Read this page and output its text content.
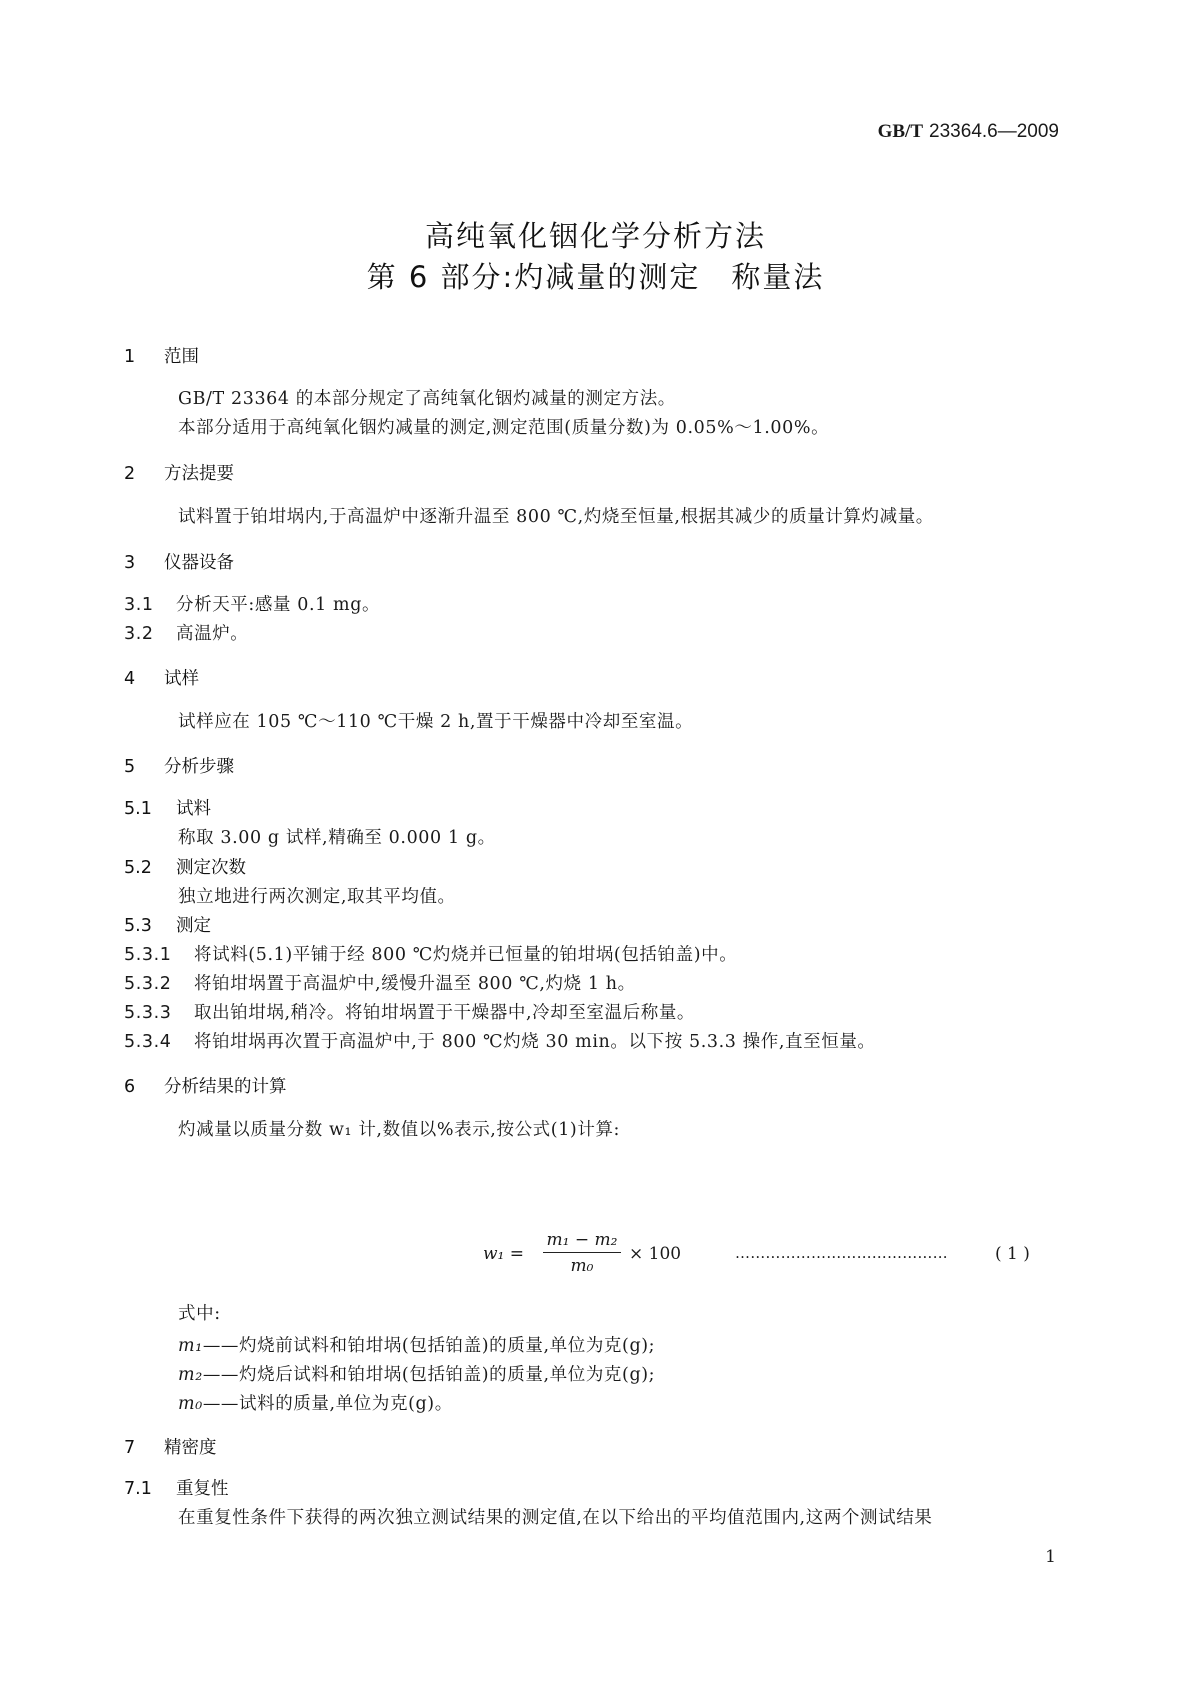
GB/T 23364.6—2009
高纯氧化铟化学分析方法
第 6 部分:灼减量的测定　称量法
1 范围
GB/T 23364 的本部分规定了高纯氧化铟灼减量的测定方法。
本部分适用于高纯氧化铟灼减量的测定,测定范围(质量分数)为 0.05%～1.00%。
2 方法提要
试料置于铂坩埚内,于高温炉中逐渐升温至 800 ℃,灼烧至恒量,根据其减少的质量计算灼减量。
3 仪器设备
3.1 分析天平:感量 0.1 mg。
3.2 高温炉。
4 试样
试样应在 105 ℃～110 ℃干燥 2 h,置于干燥器中冷却至室温。
5 分析步骤
5.1 试料
称取 3.00 g 试样,精确至 0.000 1 g。
5.2 测定次数
独立地进行两次测定,取其平均值。
5.3 测定
5.3.1 将试料(5.1)平铺于经 800 ℃灼烧并已恒量的铂坩埚(包括铂盖)中。
5.3.2 将铂坩埚置于高温炉中,缓慢升温至 800 ℃,灼烧 1 h。
5.3.3 取出铂坩埚,稍冷。将铂坩埚置于干燥器中,冷却至室温后称量。
5.3.4 将铂坩埚再次置于高温炉中,于 800 ℃灼烧 30 min。以下按 5.3.3 操作,直至恒量。
6 分析结果的计算
灼减量以质量分数 w₁ 计,数值以%表示,按公式(1)计算:
$w_1 = \frac{\text{m₁ − m₂}}{\text{m₀}} \times 100$	……………………………………	( 1 )
式中:
m₁——灼烧前试料和铂坩埚(包括铂盖)的质量,单位为克(g);
m₂——灼烧后试料和铂坩埚(包括铂盖)的质量,单位为克(g);
m₀——试料的质量,单位为克(g)。
7 精密度
7.1 重复性
在重复性条件下获得的两次独立测试结果的测定值,在以下给出的平均值范围内,这两个测试结果
1
